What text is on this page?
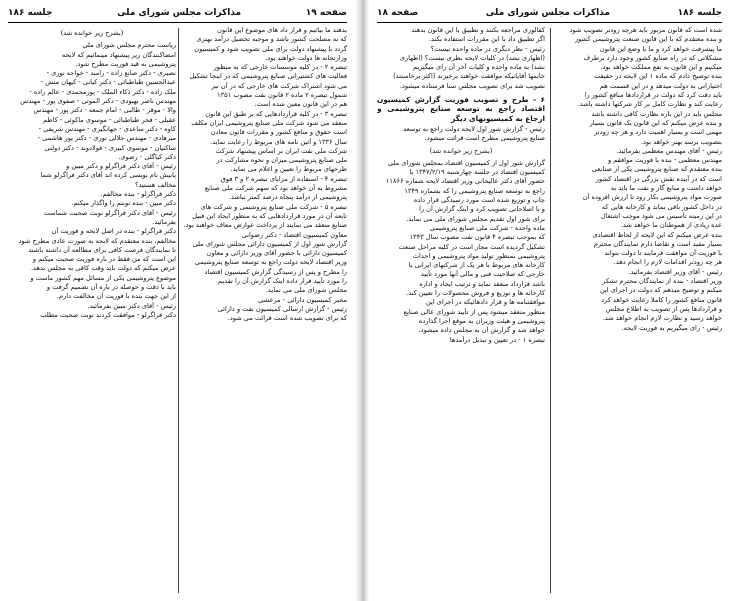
صفحه ۱۹
مذاکرات مجلس شورای ملی
جلسه ۱۸۶
بدهند ما بیائیم و قرار داد های موضوع این قانون
که به مصلحت کشور باشد و موجبه تحصیل درآمد بهتری
گردد با پیشنهاد دولت برای ملی تصویب شود و کمیسیون
وزارتخانه ها دولت خواهند بود.
تبصره ۲ - در کلیه موسسات خارجی که به منظور
فعالیت های کشتیرانی صنایع پتروشیمی که در اینجا تشکیل
می شود اشتراک شرکت های خارجی که در آن نیز
شمول تبصره ۲ ماده ۲ قانون نفت مصوب ۱۳۵۱
هم در این قانون معین شده است.
تبصره ۳ - در کلیه قراردادهایی که بر طبق این قانون
منعقد می شود شرکت ملی صنایع پتروشیمی ایران مکلف
است حقوق و منافع کشور و مقررات قانون معادن
سال ۱۳۳۶ و آئین نامه های مربوط را رعایت نماید.
شرکت ملی نفت ایران بر اساس پیشنهاد شرکت
ملی صنایع پتروشیمی میزان و نحوه مشارکت در
طرحهای مربوط را تعیین و اعلام می نماید.
تبصره ۴ - استفاده از مزایای تبصره ۲ و ۳ فوق
مشروط به آن خواهد بود که سهم شرکت ملی صنایع
پتروشیمی از درآمد پنجاه درصد کمتر نباشد.
تبصره ۵ - شرکت ملی صنایع پتروشیمی و شرکت های
تابعه آن در مورد قراردادهایی که به منظور ایجاد این قبیل
صنایع منعقد می نمایند از پرداخت عوارض معاف خواهند بود.
معاون کمیسیون اقتصاد - دکتر رضوانی
گزارش شور اول از کمیسیون دارائی مجلس شورای ملی
کمیسیون دارائی با حضور آقای وزیر دارائی و معاون
وزیر اقتصاد لایحه دولت راجع به توسعه صنایع پتروشیمی
را مطرح و پس از رسیدگی گزارش کمیسیون اقتصاد
را مورد تأیید قرار داده اینک گزارش آن را تقدیم
مجلس شورای ملی می نماید.
مخبر کمیسیون دارائی - مرعشی
رئیس - گزارش ارسالی کمیسیون نفت و دارائی
که برای تصویب شده است قرائت می شود.
(بشرح زیر خوانده شد)
ریاست محترم مجلس شورای ملی
امضاکنندگان زیر پیشنهاد مینمائیم که لایحه
پتروشیمی به قید فوریت مطرح شود.
نصیری - دکتر صانع زاده - رامبد - خواجه نوری -
عبدالحسین طباطبائی - دکتر کیانی - کیهان منش -
ملک زاده - دکتر ذکاء الملک - پورمحمدی - عالم زاده -
مهندس ناصر بهبودی - دکتر الموتی - صفوی پور - مهندس
والا - موقر - طالبی - امام جمعه - دکتر پور - مهندس
عقیلی - فخر طباطبائی - موسوی ماکوئی - کاظم
کاوه - دکتر ساعدی - جهانگیری - مهندس شریفی -
میرهادی - مهندس جلالی نوری - دکتر پور هاشمی -
ساکتیان - موسوی کبیری - فولادوند - دکتر دولتی
دکتر کیاگلی - رضوی.
رئیس - آقای دکتر فراگرلو و دکتر مبین و
پانیش نام نویسی کرده اند آقای دکتر فراگرلو شما
مخالف هستید؟
دکتر فراگرلو - بنده مخالفم.
دکتر مبین - بنده نوبتم را واگذار میکنم.
رئیس - آقای دکتر فراگرلو نوبت صحبت شماست
بفرمائید.
دکتر فراگرلو - بنده در اصل لایحه و فوریت آن
مخالفم، بنده معتقدم که لایحه به صورت عادی مطرح شود
تا نمایندگان فرصت کافی برای مطالعه آن داشته باشند
این است که من فقط در باره فوریت صحبت میکنم و
عرض میکنم که دولت باید وقت کافی به مجلس بدهد.
موضوع پتروشیمی یکی از مسائل مهم کشور ماست و
باید با دقت و حوصله در باره آن تصمیم گرفت و
از این جهت بنده با فوریت آن مخالفت دارم.
رئیس - آقای دکتر مبین بفرمائید.
دکتر فراگرلو - موافقت کردند نوبت صحبت مطلب
جلسه ۱۸۶
مذاکرات مجلس شورای ملی
صفحه ۱۸
شده است که قانون مزبور باید هرچه زودتر تصویب شود
و بنده معتقدم که با این قانون صنعت پتروشیمی کشور
ما پیشرفت خواهد کرد و ما با وضع این قانون
مشکلاتی که در راه صنایع کشور وجود دارد برطرف
میکنیم و این قانون به نفع مملکت خواهد بود.
بنده توضیح دادم که ماده ۱ این لایحه در حقیقت
اختیاراتی به دولت میدهد و در این قسمت هم
باید دقت کرد که دولت در قراردادها منافع کشور را
رعایت کند و نظارت کامل بر کار شرکتها داشته باشد.
مجلس باید در این باره نظارت کافی داشته باشد
و بنده عرض میکنم که این قانون یک قانون بسیار
مهمی است و بسیار اهمیت دارد و هر چه زودتر
بتصویب برسد بهتر خواهد بود.
رئیس - آقای مهندس معظمی بفرمائید.
مهندس معظمی - بنده با فوریت موافقم و
بنده معتقدم که صنایع پتروشیمی یکی از صنایعی
است که در آینده نقش بزرگی در اقتصاد کشور
خواهد داشت و منابع گاز و نفت ما باید به
صورت مواد پتروشیمی بکار رود تا ارزش افزوده آن
در داخل کشور باقی بماند و کارخانه هایی که
در این زمینه تأسیس می شود موجب اشتغال
عده زیادی از هموطنان ما خواهد شد.
بنده عرض میکنم که این لایحه از لحاظ اقتصادی
بسیار مفید است و تقاضا دارم نمایندگان محترم
با فوریت آن موافقت فرمایند تا دولت بتواند
هر چه زودتر اقدامات لازم را انجام دهد.
رئیس - آقای وزیر اقتصاد بفرمائید.
وزیر اقتصاد - بنده از نمایندگان محترم تشکر
میکنم و توضیح میدهم که دولت در اجرای این
قانون منافع کشور را کاملا رعایت خواهد کرد
و قراردادها پس از تصویب به اطلاع مجلس
خواهد رسید و نظارت لازم انجام خواهد شد.
رئیس - رای میگیریم به فوریت لایحه.
کفالوزی مراجعه بکنند و تطبیق با این قانون بدهند
اگر تطبیق داد با این مقررات استفاده بکند.
رئیس - نظر دیگری در ماده واحده نیست؟
(اظهاری نشد) در کلیات لایحه نظری نیست؟ (اظهاری
نشد) به ماده واحده و کلیات آخر آن رای میگیریم
خانمها آقایانیکه موافقت خواهند برخیزند (اکثر برخاستند)
تصویب شد برای تصویب مجلس سنا فرستاده میشود.
۶ - طرح و تصویب فوریت گزارش کمیسیون اقتصاد راجع به توسعه صنایع پتروشیمی و ارجاع به کمیسیونهای دیگر
رئیس - گزارش شور اول لایحه دولت راجع به توسعه
صنایع پتروشیمی مطرح است قرائت میشود.
(بشرح زیر خوانده شد)
گزارش شور اول از کمیسیون اقتصاد بمجلس شورای ملی
کمیسیون اقتصاد در جلسه چهارشنبه ۱۳۴۷/۲/۱۹ با
حضور آقای دکتر عالیخانی وزیر اقتصاد لایحه شماره ۱۱۸۶۶
راجع به توسعه صنایع پتروشیمی را که بشماره ۱۳۴۹
چاپ و توزیع شده است مورد رسیدگی قرار داده
و با اصلاحاتی تصویب کرد و اینک گزارش آن را
برای شور اول تقدیم مجلس شورای ملی می نماید.
ماده واحده - شرکت ملی صنایع پتروشیمی
که بموجب تبصره ۴ قانون نفت مصوب سال ۱۳۴۳
تشکیل گردیده است مجاز است در کلیه مراحل صنعت
پتروشیمی بمنظور تولید مواد پتروشیمی و احداث
کارخانه های مربوط با هر یک از شرکتهای ایرانی یا
خارجی که صلاحیت فنی و مالی آنها مورد تأیید
باشد قرارداد منعقد نماید و ترتیب ایجاد و اداره
کارخانه ها و توزیع و فروش محصولات را تعیین کند.
موافقتنامه ها و قرار دادهائیکه در اجرای این
منظور منعقد میشود پس از تأیید شورای عالی صنایع
پتروشیمی و هیئت وزیران به موقع اجرا گذارده
خواهد شد و گزارش آن به مجلس داده میشود.
تبصره ۱ - در تعیین و تبدیل درآمدها
